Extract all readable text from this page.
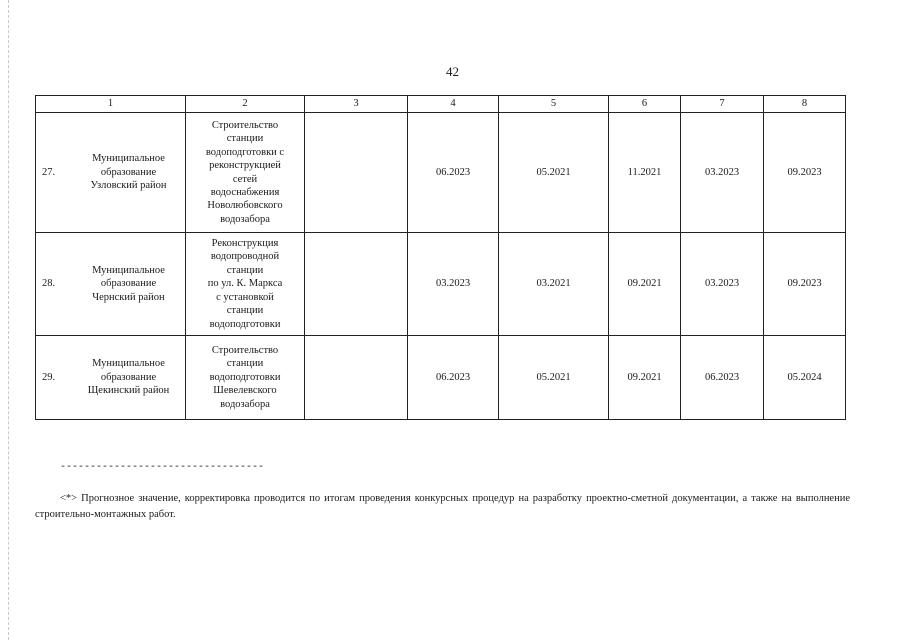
42
1	2	3	4	5	6	7	8

27.	Муниципальное
образование
Узловский район
	Строительство
станции
водоподготовки с
реконструкцией
сетей
водоснабжения
Новолюбовского
водозабора		06.2023	05.2021	11.2021	03.2023	09.2023

28.	Муниципальное
образование
Чернский район
	Реконструкция
водопроводной
станции
по ул. К. Маркса
с установкой
станции
водоподготовки		03.2023	03.2021	09.2021	03.2023	09.2023

29.	Муниципальное
образование
Щекинский район
	Строительство
станции
водоподготовки
Шевелевского
водозабора		06.2023	05.2021	09.2021	06.2023	05.2024
----------------------------------
<*> Прогнозное значение, корректировка проводится по итогам проведения конкурсных процедур на разработку проектно-сметной документации, а также на выполнение строительно-монтажных работ.
